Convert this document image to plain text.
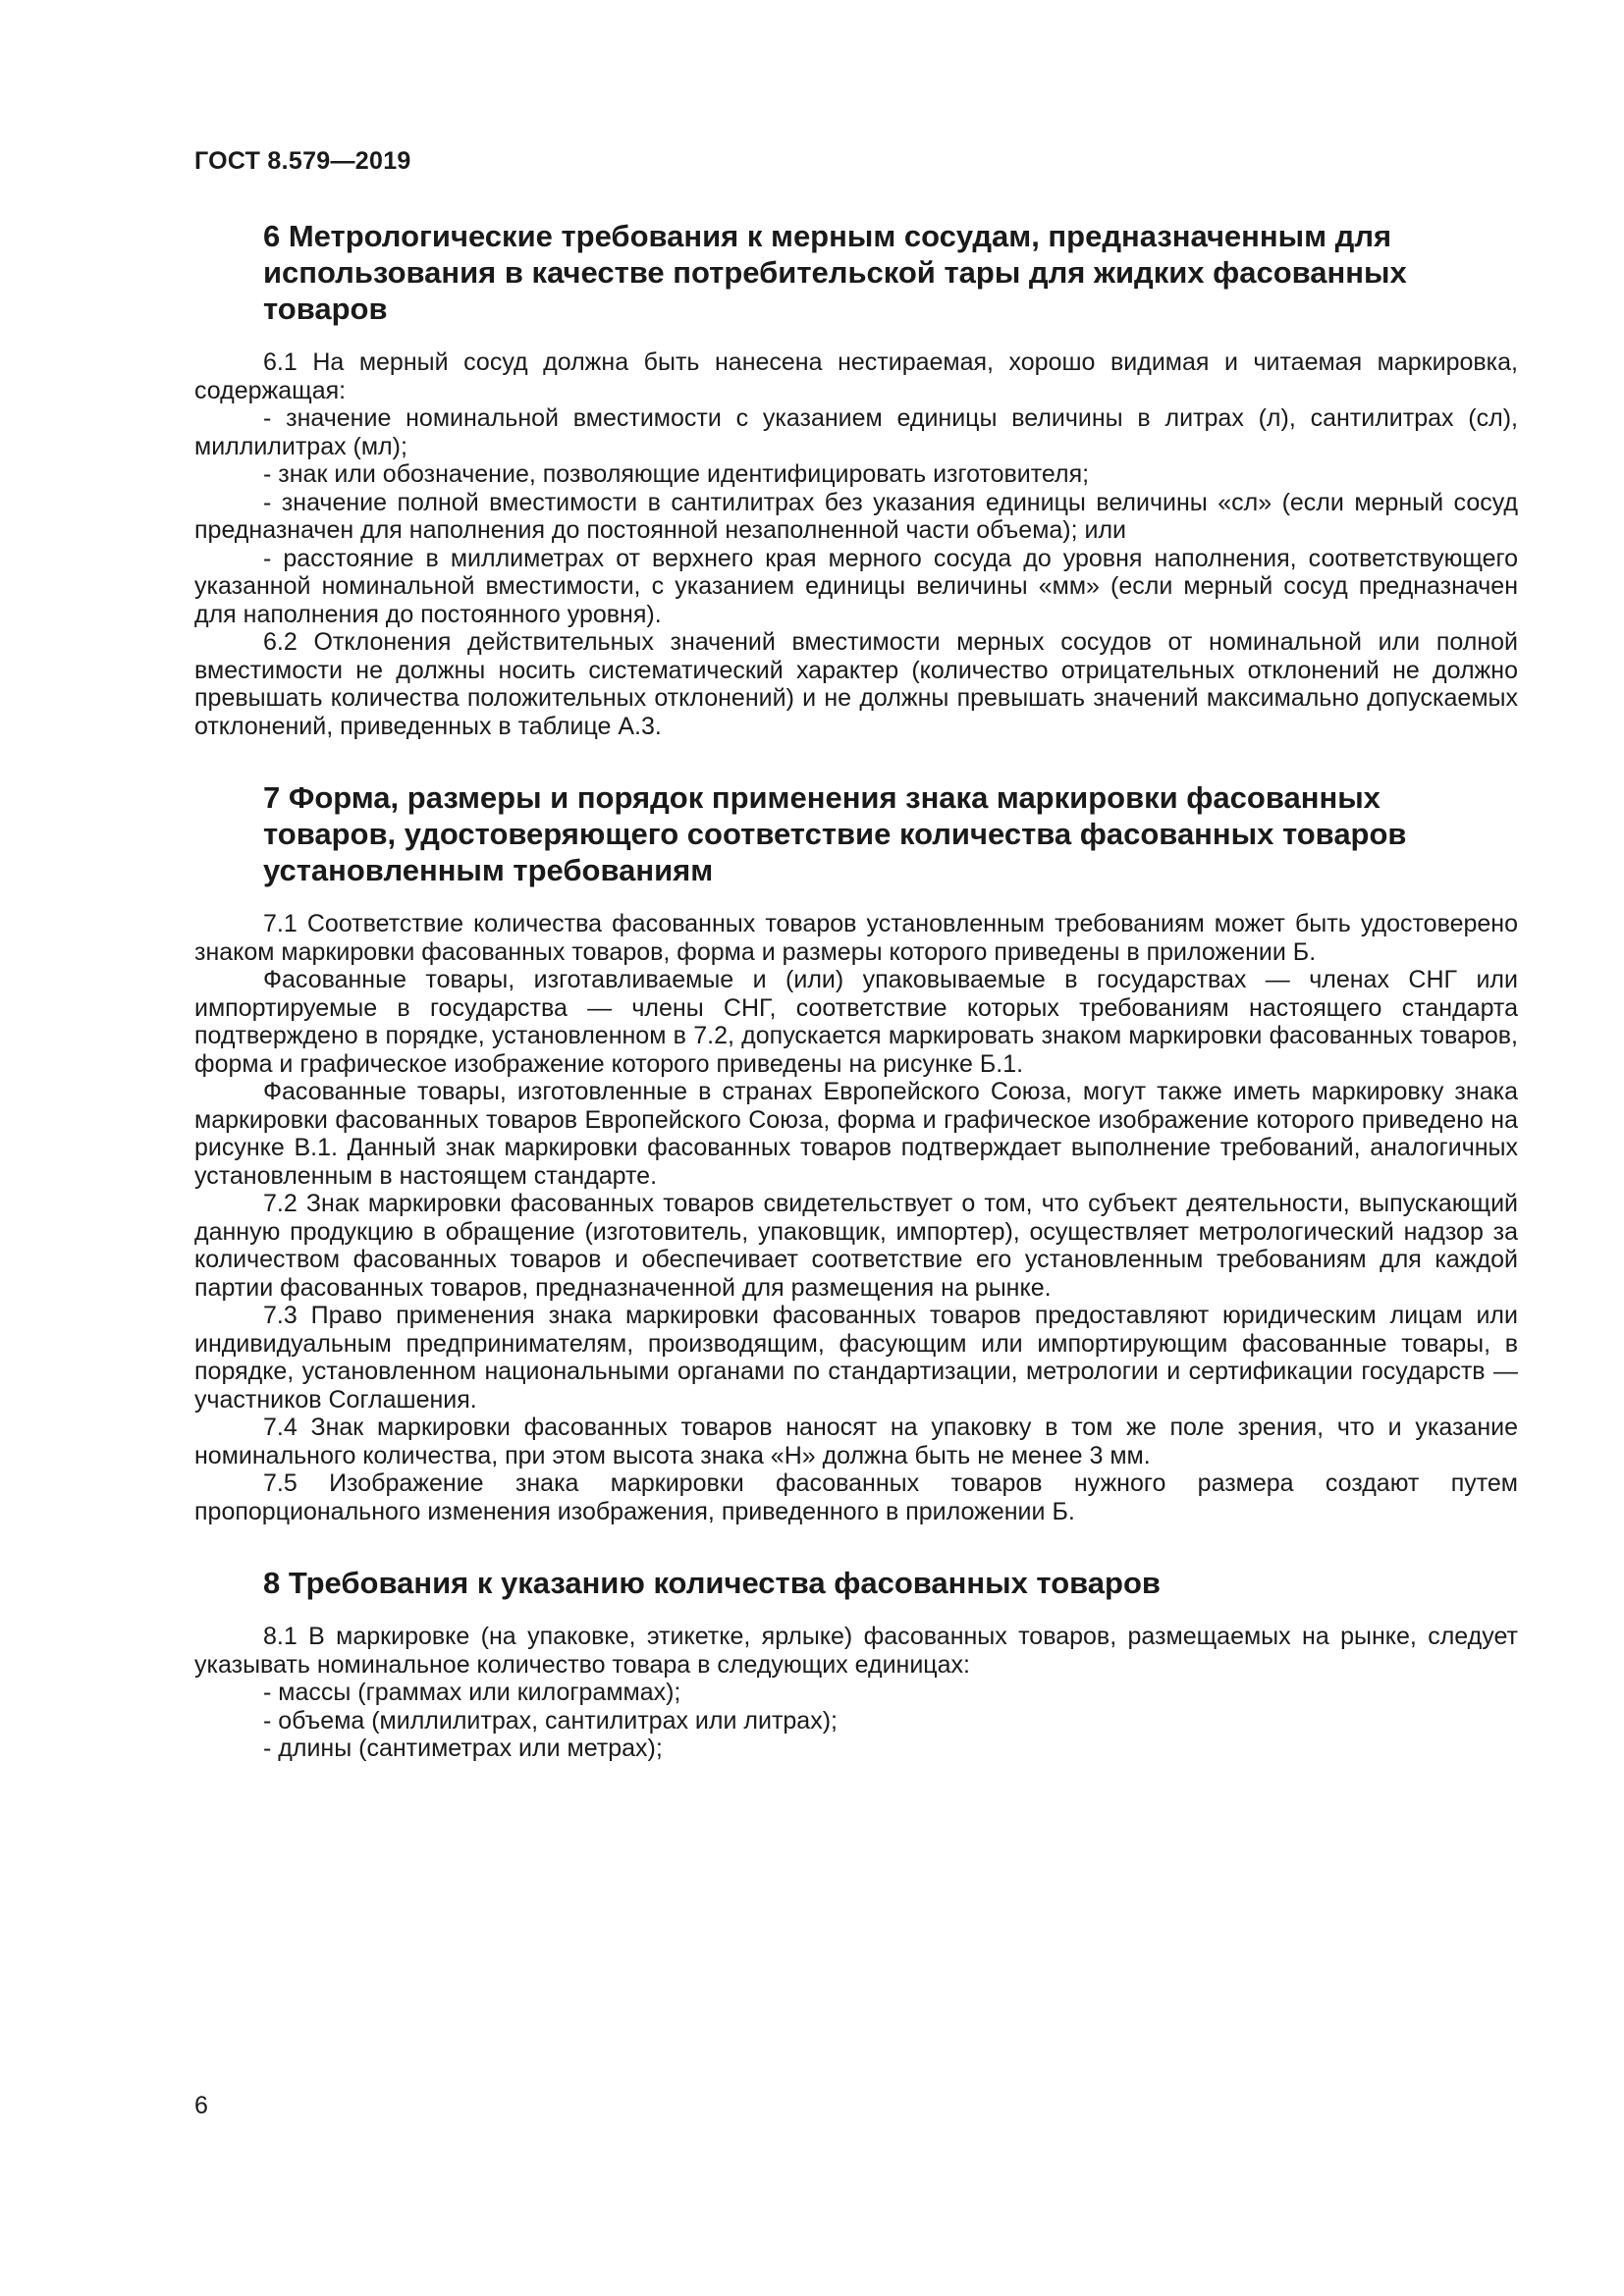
ГОСТ 8.579—2019
6 Метрологические требования к мерным сосудам, предназначенным для использования в качестве потребительской тары для жидких фасованных товаров

6.1 На мерный сосуд должна быть нанесена нестираемая, хорошо видимая и читаемая маркировка, содержащая:

- значение номинальной вместимости с указанием единицы величины в литрах (л), сантилитрах (сл), миллилитрах (мл);

- знак или обозначение, позволяющие идентифицировать изготовителя;

- значение полной вместимости в сантилитрах без указания единицы величины «сл» (если мерный сосуд предназначен для наполнения до постоянной незаполненной части объема); или

- расстояние в миллиметрах от верхнего края мерного сосуда до уровня наполнения, соответствующего указанной номинальной вместимости, с указанием единицы величины «мм» (если мерный сосуд предназначен для наполнения до постоянного уровня).

6.2 Отклонения действительных значений вместимости мерных сосудов от номинальной или полной вместимости не должны носить систематический характер (количество отрицательных отклонений не должно превышать количества положительных отклонений) и не должны превышать значений максимально допускаемых отклонений, приведенных в таблице А.3.

7 Форма, размеры и порядок применения знака маркировки фасованных товаров, удостоверяющего соответствие количества фасованных товаров установленным требованиям

7.1 Соответствие количества фасованных товаров установленным требованиям может быть удостоверено знаком маркировки фасованных товаров, форма и размеры которого приведены в приложении Б.

Фасованные товары, изготавливаемые и (или) упаковываемые в государствах — членах СНГ или импортируемые в государства — члены СНГ, соответствие которых требованиям настоящего стандарта подтверждено в порядке, установленном в 7.2, допускается маркировать знаком маркировки фасованных товаров, форма и графическое изображение которого приведены на рисунке Б.1.

Фасованные товары, изготовленные в странах Европейского Союза, могут также иметь маркировку знака маркировки фасованных товаров Европейского Союза, форма и графическое изображение которого приведено на рисунке В.1. Данный знак маркировки фасованных товаров подтверждает выполнение требований, аналогичных установленным в настоящем стандарте.

7.2 Знак маркировки фасованных товаров свидетельствует о том, что субъект деятельности, выпускающий данную продукцию в обращение (изготовитель, упаковщик, импортер), осуществляет метрологический надзор за количеством фасованных товаров и обеспечивает соответствие его установленным требованиям для каждой партии фасованных товаров, предназначенной для размещения на рынке.

7.3 Право применения знака маркировки фасованных товаров предоставляют юридическим лицам или индивидуальным предпринимателям, производящим, фасующим или импортирующим фасованные товары, в порядке, установленном национальными органами по стандартизации, метрологии и сертификации государств — участников Соглашения.

7.4 Знак маркировки фасованных товаров наносят на упаковку в том же поле зрения, что и указание номинального количества, при этом высота знака «H» должна быть не менее 3 мм.

7.5 Изображение знака маркировки фасованных товаров нужного размера создают путем пропорционального изменения изображения, приведенного в приложении Б.

8 Требования к указанию количества фасованных товаров

8.1 В маркировке (на упаковке, этикетке, ярлыке) фасованных товаров, размещаемых на рынке, следует указывать номинальное количество товара в следующих единицах:

- массы (граммах или килограммах);

- объема (миллилитрах, сантилитрах или литрах);

- длины (сантиметрах или метрах);

6
